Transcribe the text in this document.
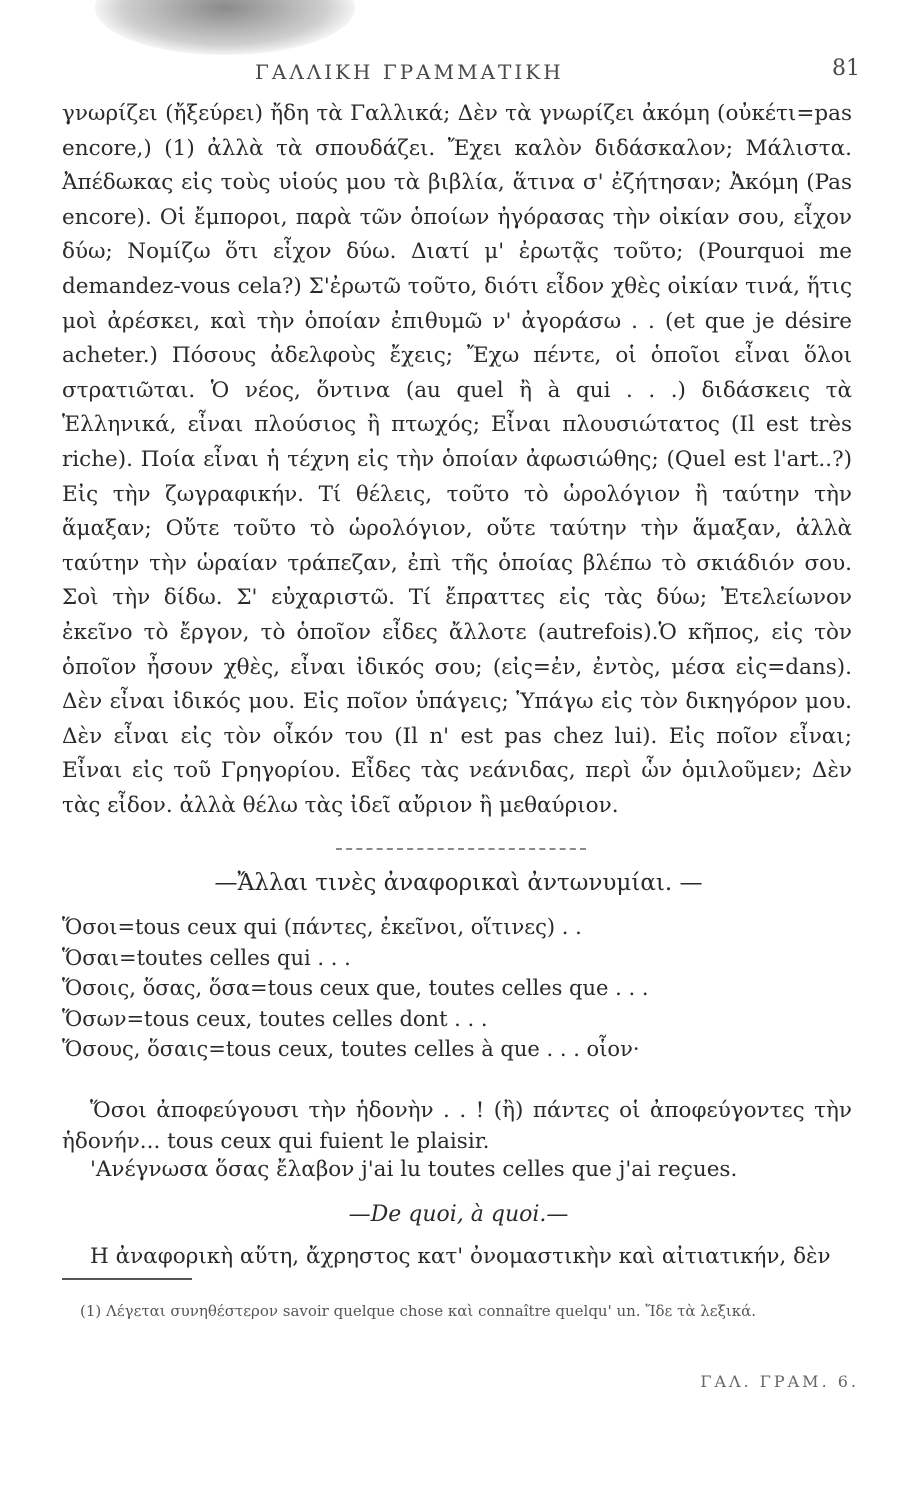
ΓΑΛΛΙΚΗ ΓΡΑΜΜΑΤΙΚΗ	81

γνωρίζει (ἤξεύρει) ἤδη τὰ Γαλλικά; Δὲν τὰ γνωρίζει ἀκόμη (οὐκέτι=pas encore,) (1) ἀλλὰ τὰ σπουδάζει. Ἔχει καλὸν διδάσκαλον; Μάλιστα. Ἀπέδωκας εἰς τοὺς υἱούς μου τὰ βιβλία, ἅτινα σ' ἐζήτησαν; Ἀκόμη (Pas encore). Οἱ ἔμποροι, παρὰ τῶν ὁποίων ἠγόρασας τὴν οἰκίαν σου, εἶχον δύω; Νομίζω ὅτι εἶχον δύω. Διατί μ' ἐρωτᾷς τοῦτο; (Pourquoi me demandez-vous cela?) Σ'ἐρωτῶ τοῦτο, διότι εἶδον χθὲς οἰκίαν τινά, ἥτις μοὶ ἀρέσκει, καὶ τὴν ὁποίαν ἐπιθυμῶ ν' ἀγοράσω . . (et que je désire acheter.) Πόσους ἀδελφοὺς ἔχεις; Ἔχω πέντε, οἱ ὁποῖοι εἶναι ὅλοι στρατιῶται. Ὁ νέος, ὅντινα (au quel ἢ à qui . . .) διδάσκεις τὰ Ἑλληνικά, εἶναι πλούσιος ἢ πτωχός; Εἶναι πλουσιώτατος (Il est très riche). Ποία εἶναι ἡ τέχνη εἰς τὴν ὁποίαν ἀφωσιώθης; (Quel est l'art..?) Εἰς τὴν ζωγραφικήν. Τί θέλεις, τοῦτο τὸ ὡρολόγιον ἢ ταύτην τὴν ἅμαξαν; Οὔτε τοῦτο τὸ ὡρολόγιον, οὔτε ταύτην τὴν ἅμαξαν, ἀλλὰ ταύτην τὴν ὡραίαν τράπεζαν, ἐπὶ τῆς ὁποίας βλέπω τὸ σκιάδιόν σου. Σοὶ τὴν δίδω. Σ' εὐχαριστῶ. Τί ἔπραττες εἰς τὰς δύω; Ἐτελείωνον ἐκεῖνο τὸ ἔργον, τὸ ὁποῖον εἶδες ἄλλοτε (autrefois).Ὁ κῆπος, εἰς τὸν ὁποῖον ἦσουν χθὲς, εἶναι ἰδικός σου; (εἰς=ἐν, ἐντὸς, μέσα εἰς=dans). Δὲν εἶναι ἰδικός μου. Εἰς ποῖον ὑπάγεις; Ὑπάγω εἰς τὸν δικηγόρον μου. Δὲν εἶναι εἰς τὸν οἶκόν του (Il n' est pas chez lui). Εἰς ποῖον εἶναι; Εἶναι εἰς τοῦ Γρηγορίου. Εἶδες τὰς νεάνιδας, περὶ ὧν ὁμιλοῦμεν; Δὲν τὰς εἶδον. ἀλλὰ θέλω τὰς ἰδεῖ αὔριον ἢ μεθαύριον.

—Ἄλλαι τινὲς ἀναφορικαὶ ἀντωνυμίαι. —
Ὅσοι=tous ceux qui (πάντες, ἐκεῖνοι, οἵτινες) . .
Ὅσαι=toutes celles qui . . .
Ὅσοις, ὅσας, ὅσα=tous ceux que, toutes celles que . . .
Ὅσων=tous ceux, toutes celles dont . . .
Ὅσους, ὅσαις=tous ceux, toutes celles à que . . . οἷον·

Ὅσοι ἀποφεύγουσι τὴν ἡδονὴν . . ! (ἢ) πάντες οἱ ἀποφεύγοντες τὴν ἡδονήν... tous ceux qui fuient le plaisir.

'Ανέγνωσα ὅσας ἔλαβον j'ai lu toutes celles que j'ai reçues.

—De quoi, à quoi.—

Η ἀναφορικὴ αὕτη, ἄχρηστος κατ' ὀνομαστικὴν καὶ αἰτιατικήν, δὲν

(1) Λέγεται συνηθέστερον savoir quelque chose καὶ connaître quelqu' un. Ἴδε τὰ λεξικά.

ΓΑΛ. ΓΡΑΜ. 6.
